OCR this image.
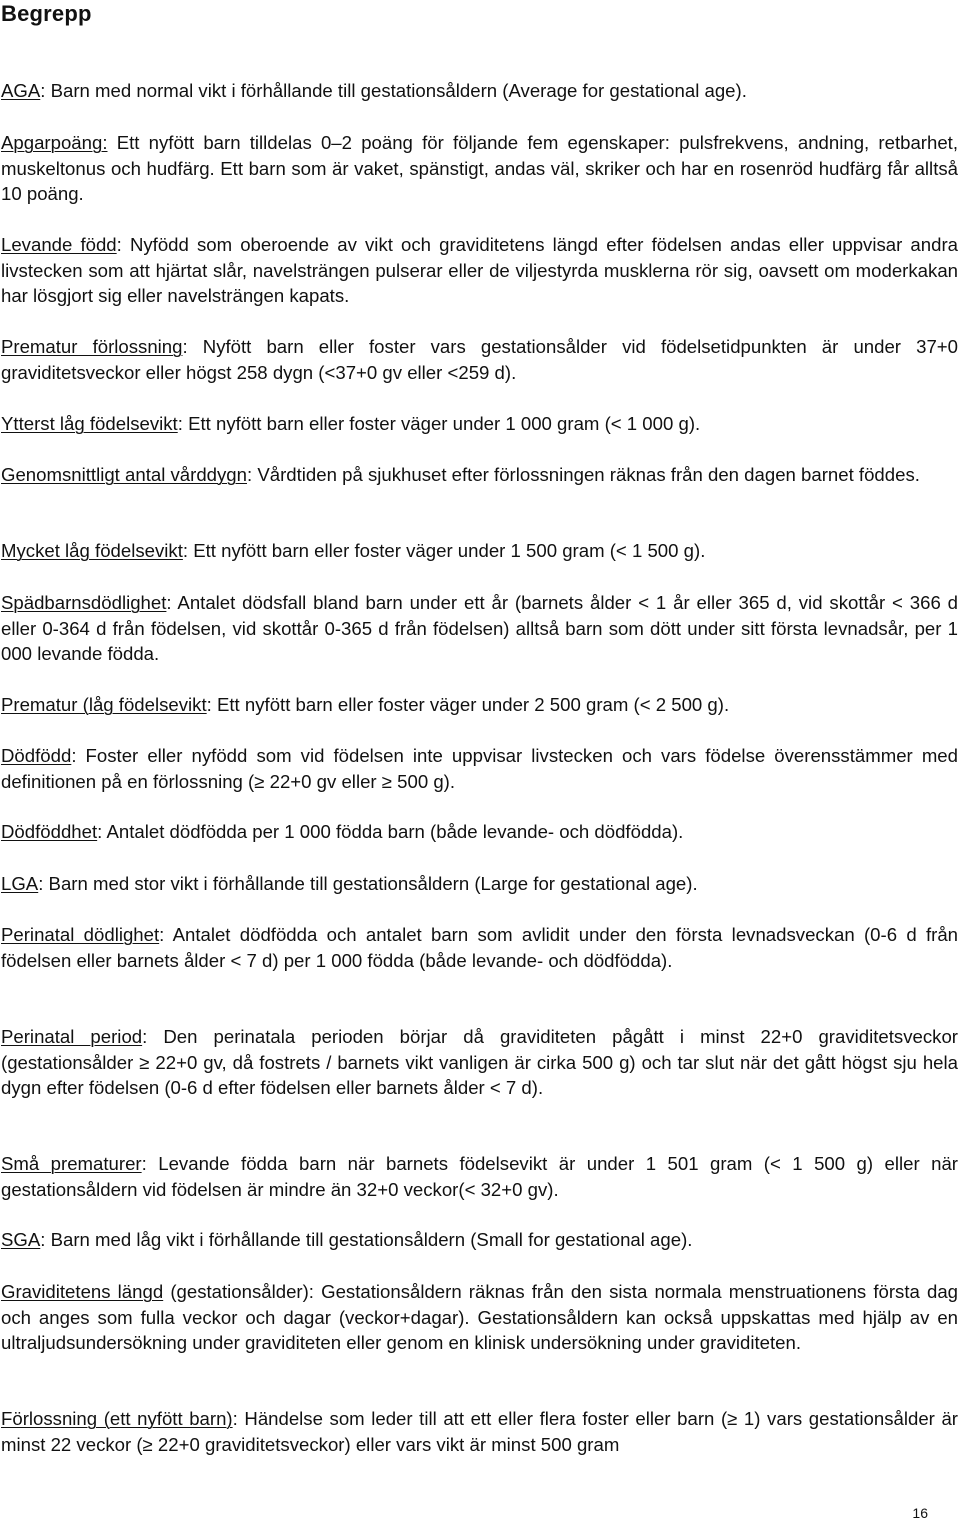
Begrepp

AGA: Barn med normal vikt i förhållande till gestationsåldern (Average for gestational age).

Apgarpoäng: Ett nyfött barn tilldelas 0–2 poäng för följande fem egenskaper: pulsfrekvens, andning, retbarhet, muskeltonus och hudfärg. Ett barn som är vaket, spänstigt, andas väl, skriker och har en rosenröd hudfärg får alltså 10 poäng.

Levande född: Nyfödd som oberoende av vikt och graviditetens längd efter födelsen andas eller uppvisar andra livstecken som att hjärtat slår, navelsträngen pulserar eller de viljestyrda musklerna rör sig, oavsett om moderkakan har lösgjort sig eller navelsträngen kapats.

Prematur förlossning: Nyfött barn eller foster vars gestationsålder vid födelsetidpunkten är under 37+0 graviditetsveckor eller högst 258 dygn (<37+0 gv eller <259 d).

Ytterst låg födelsevikt: Ett nyfött barn eller foster väger under 1 000 gram (< 1 000 g).

Genomsnittligt antal vårddygn: Vårdtiden på sjukhuset efter förlossningen räknas från den dagen barnet föddes.

Mycket låg födelsevikt: Ett nyfött barn eller foster väger under 1 500 gram (< 1 500 g).

Spädbarnsdödlighet: Antalet dödsfall bland barn under ett år (barnets ålder < 1 år eller 365 d, vid skottår < 366 d eller 0-364 d från födelsen, vid skottår 0-365 d från födelsen) alltså barn som dött under sitt första levnadsår, per 1 000 levande födda.

Prematur (låg födelsevikt: Ett nyfött barn eller foster väger under 2 500 gram (< 2 500 g).

Dödfödd: Foster eller nyfödd som vid födelsen inte uppvisar livstecken och vars födelse överensstämmer med definitionen på en förlossning (≥ 22+0 gv eller ≥ 500 g).

Dödföddhet: Antalet dödfödda per 1 000 födda barn (både levande- och dödfödda).

LGA: Barn med stor vikt i förhållande till gestationsåldern (Large for gestational age).

Perinatal dödlighet: Antalet dödfödda och antalet barn som avlidit under den första levnadsveckan (0-6 d från födelsen eller barnets ålder < 7 d) per 1 000 födda (både levande- och dödfödda).

Perinatal period: Den perinatala perioden börjar då graviditeten pågått i minst 22+0 graviditetsveckor (gestationsålder ≥ 22+0 gv, då fostrets / barnets vikt vanligen är cirka 500 g) och tar slut när det gått högst sju hela dygn efter födelsen (0-6 d efter födelsen eller barnets ålder < 7 d).

Små prematurer: Levande födda barn när barnets födelsevikt är under 1 501 gram (< 1 500 g) eller när gestationsåldern vid födelsen är mindre än 32+0 veckor(< 32+0 gv).

SGA: Barn med låg vikt i förhållande till gestationsåldern (Small for gestational age).

Graviditetens längd (gestationsålder): Gestationsåldern räknas från den sista normala menstruationens första dag och anges som fulla veckor och dagar (veckor+dagar). Gestationsåldern kan också uppskattas med hjälp av en ultraljudsundersökning under graviditeten eller genom en klinisk undersökning under graviditeten.

Förlossning (ett nyfött barn): Händelse som leder till att ett eller flera foster eller barn (≥ 1) vars gestationsålder är minst 22 veckor (≥ 22+0 graviditetsveckor) eller vars vikt är minst 500 gram

16
